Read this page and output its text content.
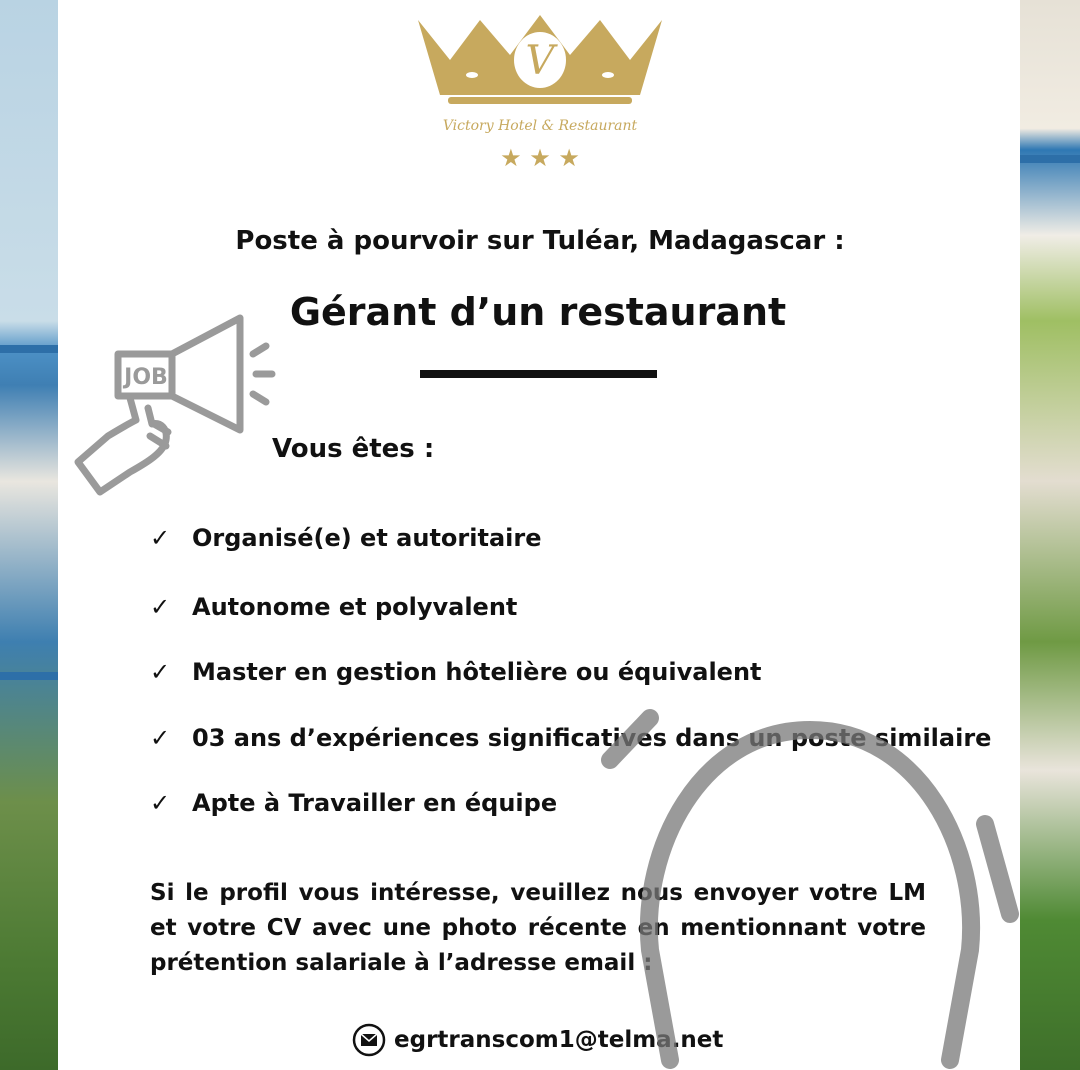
V
Victory Hotel & Restaurant
★ ★ ★
Poste à pourvoir sur Tuléar, Madagascar :
Gérant d’un restaurant
JOB
Vous êtes :
✓ Organisé(e) et autoritaire
✓ Autonome et polyvalent
✓ Master en gestion hôtelière ou équivalent
✓ 03 ans d’expériences significatives dans un poste similaire
✓ Apte à Travailler en équipe
Si le profil vous intéresse, veuillez nous envoyer votre LM et votre CV avec une photo récente en mentionnant votre prétention salariale à l’adresse email :
egrtranscom1@telma.net
